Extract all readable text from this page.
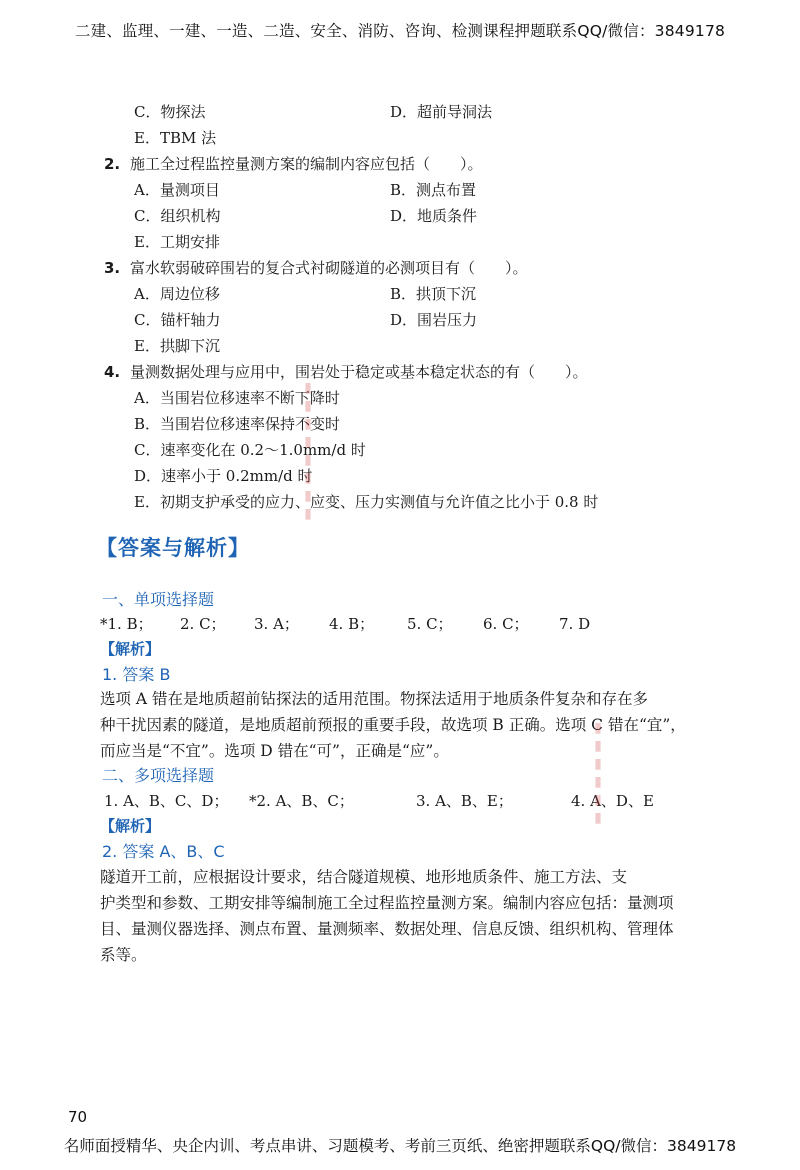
二建、监理、一建、一造、二造、安全、消防、咨询、检测课程押题联系QQ/微信：3849178
C．物探法	D．超前导洞法
E．TBM 法
2. 施工全过程监控量测方案的编制内容应包括（　　）。
A．量测项目	B．测点布置
C．组织机构	D．地质条件
E．工期安排
3. 富水软弱破碎围岩的复合式衬砌隧道的必测项目有（　　）。
A．周边位移	B．拱顶下沉
C．锚杆轴力	D．围岩压力
E．拱脚下沉
4. 量测数据处理与应用中，围岩处于稳定或基本稳定状态的有（　　）。
A．当围岩位移速率不断下降时
B．当围岩位移速率保持不变时
C．速率变化在 0.2～1.0mm/d 时
D．速率小于 0.2mm/d 时
E．初期支护承受的应力、应变、压力实测值与允许值之比小于 0.8 时
【答案与解析】
一、单项选择题
*1. B； 2. C； 3. A； 4. B； 5. C； 6. C； 7. D
【解析】
1. 答案 B

选项 A 错在是地质超前钻探法的适用范围。物探法适用于地质条件复杂和存在多

种干扰因素的隧道，是地质超前预报的重要手段，故选项 B 正确。选项 C 错在“宜”，

而应当是“不宜”。选项 D 错在“可”，正确是“应”。

二、多项选择题
1. A、B、C、D； *2. A、B、C；	3. A、B、E；	4. A、D、E
【解析】
2. 答案 A、B、C

隧道开工前，应根据设计要求，结合隧道规模、地形地质条件、施工方法、支

护类型和参数、工期安排等编制施工全过程监控量测方案。编制内容应包括：量测项

目、量测仪器选择、测点布置、量测频率、数据处理、信息反馈、组织机构、管理体

系等。

▮▮▮▮▮▮▮▮
▮▮▮▮▮▮
70
名师面授精华、央企内训、考点串讲、习题模考、考前三页纸、绝密押题联系QQ/微信：3849178
